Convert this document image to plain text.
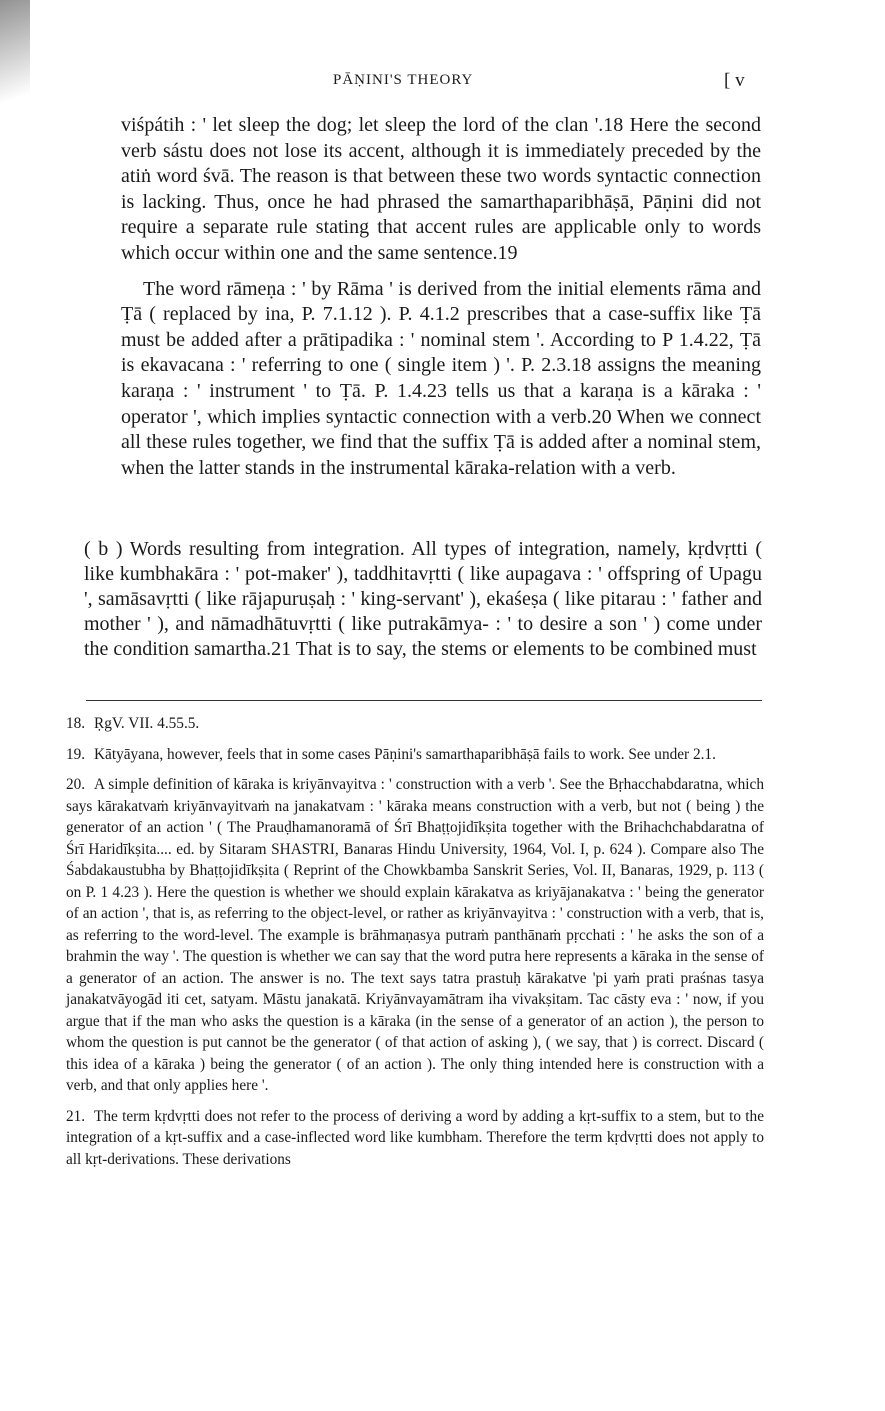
PĀṆINI'S THEORY	[ v

viśpátih : ' let sleep the dog; let sleep the lord of the clan '.18 Here the second verb sástu does not lose its accent, although it is immediately preceded by the atiṅ word śvā. The reason is that between these two words syntactic connection is lacking. Thus, once he had phrased the samarthaparibhāṣā, Pāṇini did not require a separate rule stating that accent rules are applicable only to words which occur within one and the same sentence.19

The word rāmeṇa : ' by Rāma ' is derived from the initial elements rāma and Ṭā ( replaced by ina, P. 7.1.12 ). P. 4.1.2 prescribes that a case-suffix like Ṭā must be added after a prātipadika : ' nominal stem '. According to P 1.4.22, Ṭā is ekavacana : ' referring to one ( single item ) '. P. 2.3.18 assigns the meaning karaṇa : ' instrument ' to Ṭā. P. 1.4.23 tells us that a karaṇa is a kāraka : ' operator ', which implies syntactic connection with a verb.20 When we connect all these rules together, we find that the suffix Ṭā is added after a nominal stem, when the latter stands in the instrumental kāraka-relation with a verb.

( b ) Words resulting from integration. All types of integration, namely, kṛdvṛtti ( like kumbhakāra : ' pot-maker' ), taddhitavṛtti ( like aupagava : ' offspring of Upagu ', samāsavṛtti ( like rājapuruṣaḥ : ' king-servant' ), ekaśeṣa ( like pitarau : ' father and mother ' ), and nāmadhātuvṛtti ( like putrakāmya- : ' to desire a son ' ) come under the condition samartha.21 That is to say, the stems or elements to be combined must

18. ṚgV. VII. 4.55.5.

19. Kātyāyana, however, feels that in some cases Pāṇini's samarthaparibhāṣā fails to work. See under 2.1.

20. A simple definition of kāraka is kriyānvayitva : ' construction with a verb '. See the Bṛhacchabdaratna, which says kārakatvaṁ kriyānvayitvaṁ na janakatvam : ' kāraka means construction with a verb, but not ( being ) the generator of an action ' ( The Prauḍhamanoramā of Śrī Bhaṭṭojidīkṣita together with the Brihachchabdaratna of Śrī Haridīkṣita.... ed. by Sitaram SHASTRI, Banaras Hindu University, 1964, Vol. I, p. 624 ). Compare also The Śabdakaustubha by Bhaṭṭojidīkṣita ( Reprint of the Chowkbamba Sanskrit Series, Vol. II, Banaras, 1929, p. 113 ( on P. 1 4.23 ). Here the question is whether we should explain kārakatva as kriyājanakatva : ' being the generator of an action ', that is, as referring to the object-level, or rather as kriyānvayitva : ' construction with a verb, that is, as referring to the word-level. The example is brāhmaṇasya putraṁ panthānaṁ pṛcchati : ' he asks the son of a brahmin the way '. The question is whether we can say that the word putra here represents a kāraka in the sense of a generator of an action. The answer is no. The text says tatra prastuḥ kārakatve 'pi yaṁ prati praśnas tasya janakatvāyogād iti cet, satyam. Māstu janakatā. Kriyānvayamātram iha vivakṣitam. Tac cāsty eva : ' now, if you argue that if the man who asks the question is a kāraka (in the sense of a generator of an action ), the person to whom the question is put cannot be the generator ( of that action of asking ), ( we say, that ) is correct. Discard ( this idea of a kāraka ) being the generator ( of an action ). The only thing intended here is construction with a verb, and that only applies here '.

21. The term kṛdvṛtti does not refer to the process of deriving a word by adding a kṛt-suffix to a stem, but to the integration of a kṛt-suffix and a case-inflected word like kumbham. Therefore the term kṛdvṛtti does not apply to all kṛt-derivations. These derivations
